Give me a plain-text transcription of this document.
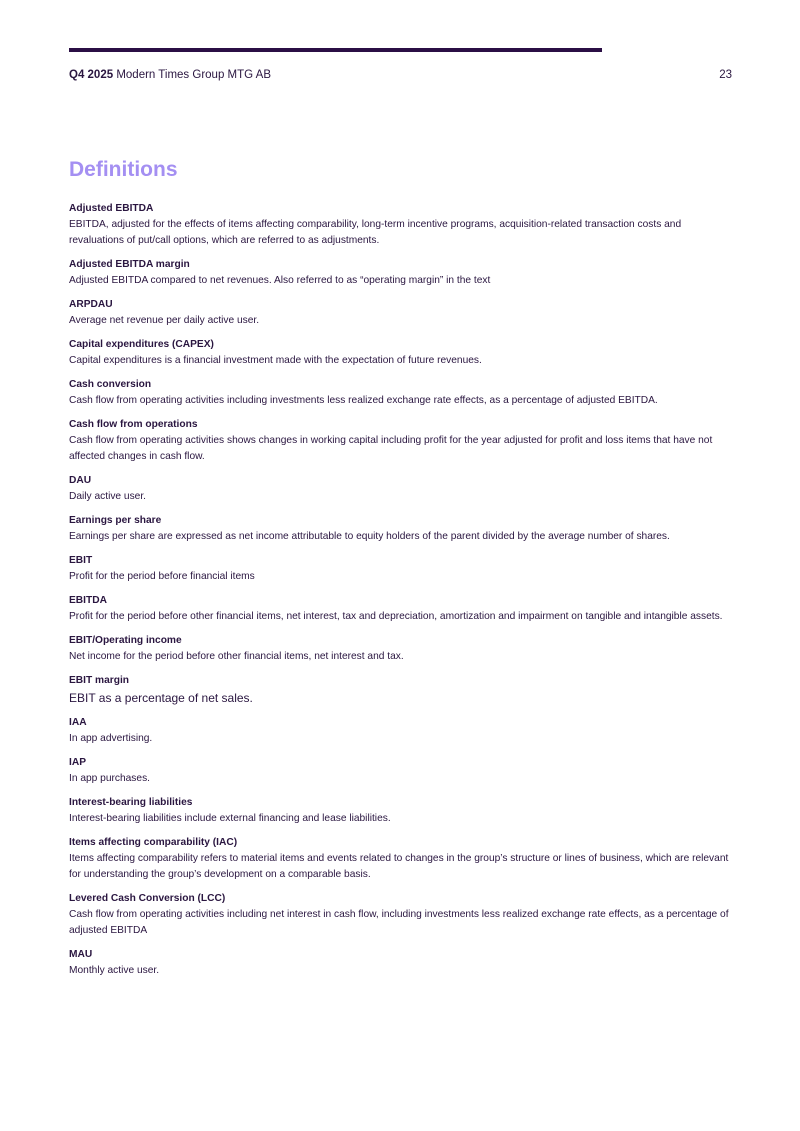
Q4 2025 Modern Times Group MTG AB	23
Definitions
Adjusted EBITDA
EBITDA, adjusted for the effects of items affecting comparability, long-term incentive programs, acquisition-related transaction costs and revaluations of put/call options, which are referred to as adjustments.
Adjusted EBITDA margin
Adjusted EBITDA compared to net revenues. Also referred to as “operating margin” in the text
ARPDAU
Average net revenue per daily active user.
Capital expenditures (CAPEX)
Capital expenditures is a financial investment made with the expectation of future revenues.
Cash conversion
Cash flow from operating activities including investments less realized exchange rate effects, as a percentage of adjusted EBITDA.
Cash flow from operations
Cash flow from operating activities shows changes in working capital including profit for the year adjusted for profit and loss items that have not affected changes in cash flow.
DAU
Daily active user.
Earnings per share
Earnings per share are expressed as net income attributable to equity holders of the parent divided by the average number of shares.
EBIT
Profit for the period before financial items
EBITDA
Profit for the period before other financial items, net interest, tax and depreciation, amortization and impairment on tangible and intangible assets.
EBIT/Operating income
Net income for the period before other financial items, net interest and tax.
EBIT margin
EBIT as a percentage of net sales.
IAA
In app advertising.
IAP
In app purchases.
Interest-bearing liabilities
Interest-bearing liabilities include external financing and lease liabilities.
Items affecting comparability (IAC)
Items affecting comparability refers to material items and events related to changes in the group’s structure or lines of business, which are relevant for understanding the group’s development on a comparable basis.
Levered Cash Conversion (LCC)
Cash flow from operating activities including net interest in cash flow, including investments less realized exchange rate effects, as a percentage of adjusted EBITDA
MAU
Monthly active user.
